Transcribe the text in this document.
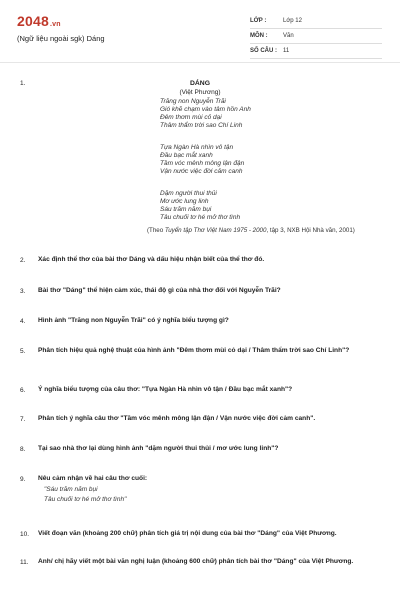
2048.vn
(Ngữ liệu ngoài sgk) Dáng
LỚP :	Lớp 12
MÔN :	Văn
SỐ CÂU :	11
1.	DÁNG
(Việt Phương)
Trăng non Nguyễn Trãi
Gió khẽ chạm vào tâm hồn Anh
Đêm thơm mùi cỏ dại
Thâm thẩm trời sao Chí Linh
Tựa Ngàn Hà nhìn vô tận
Đầu bạc mắt xanh
Tầm vóc mênh mông lận đận
Vận nước việc đời cảm canh
Dặm người thui thủi
Mơ ước lung linh
Sáu trăm năm bụi
Tâu chuối tơ hé mở thơ tình
(Theo Tuyển tập Thơ Việt Nam 1975 - 2000, tập 3, NXB Hội Nhà văn, 2001)
2. Xác định thể thơ của bài thơ Dáng và dấu hiệu nhận biết của thể thơ đó.
3. Bài thơ "Dáng" thể hiện cảm xúc, thái độ gì của nhà thơ đối với Nguyễn Trãi?
4. Hình ảnh "Trăng non Nguyễn Trãi" có ý nghĩa biểu tượng gì?
5. Phân tích hiệu quả nghệ thuật của hình ảnh "Đêm thơm mùi cỏ dại / Thâm thẩm trời sao Chí Linh"?
6. Ý nghĩa biểu tượng của câu thơ: "Tựa Ngàn Hà nhìn vô tận / Đầu bạc mắt xanh"?
7. Phân tích ý nghĩa câu thơ "Tầm vóc mênh mông lận đận / Vận nước việc đời cảm canh".
8. Tại sao nhà thơ lại dùng hình ảnh "dặm người thui thủi / mơ ước lung linh"?
9. Nêu cảm nhận về hai câu thơ cuối:
"Sáu trăm năm bụi
Tâu chuối tơ hé mở thơ tình"
10. Viết đoạn văn (khoảng 200 chữ) phân tích giá trị nội dung của bài thơ "Dáng" của Việt Phương.
11. Anh/ chị hãy viết một bài văn nghị luận (khoảng 600 chữ) phân tích bài thơ "Dáng" của Việt Phương.
